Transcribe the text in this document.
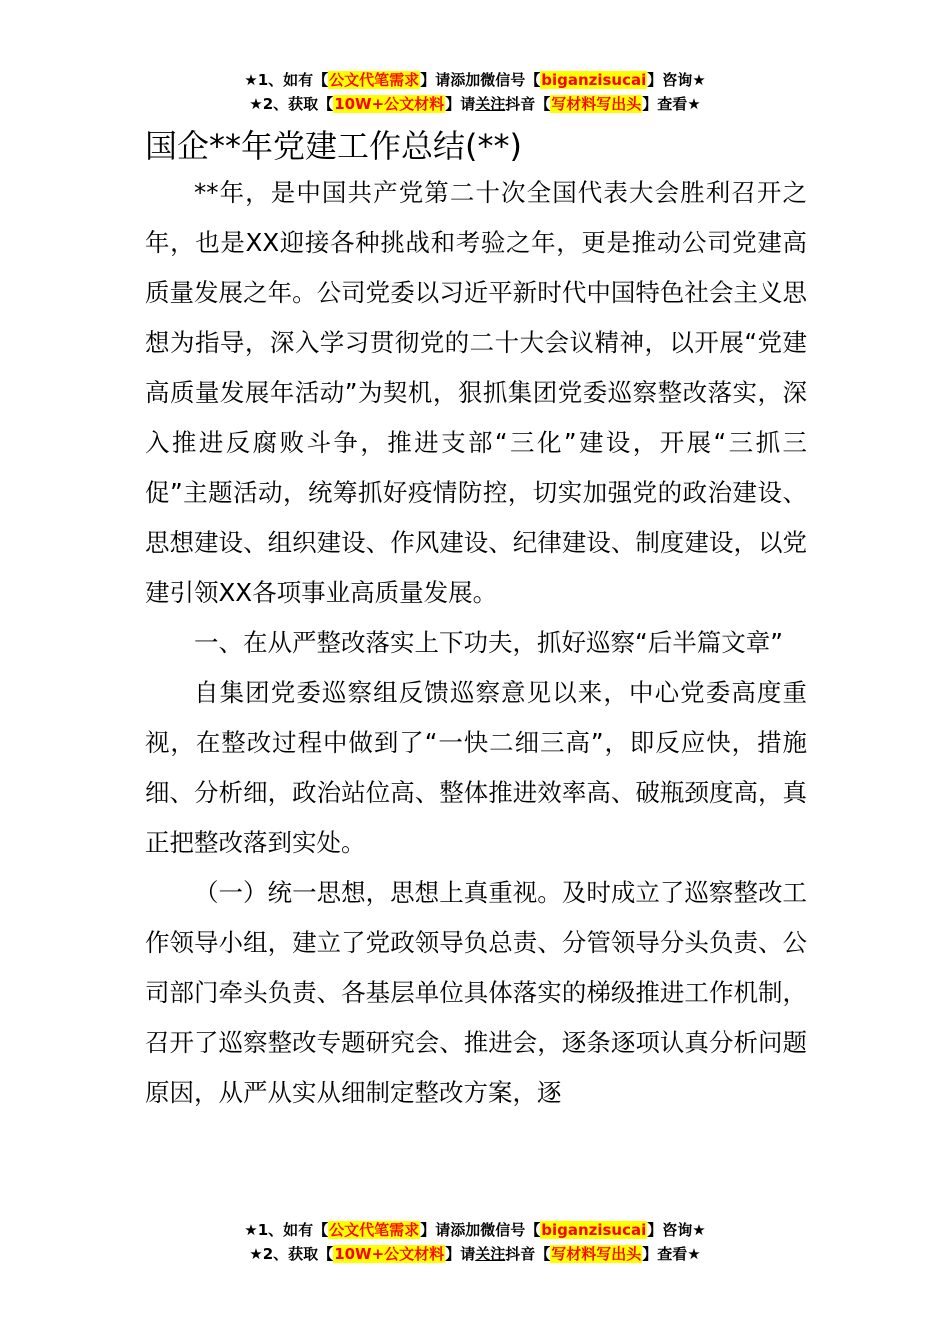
★1、如有【公文代笔需求】请添加微信号【biganzisucai】咨询★
★2、获取【10W+公文材料】请关注抖音【写材料写出头】查看★
国企**年党建工作总结(**)

**年，是中国共产党第二十次全国代表大会胜利召开之年，也是XX迎接各种挑战和考验之年，更是推动公司党建高质量发展之年。公司党委以习近平新时代中国特色社会主义思想为指导，深入学习贯彻党的二十大会议精神，以开展“党建高质量发展年活动”为契机，狠抓集团党委巡察整改落实，深入推进反腐败斗争，推进支部“三化”建设，开展“三抓三促”主题活动，统筹抓好疫情防控，切实加强党的政治建设、思想建设、组织建设、作风建设、纪律建设、制度建设，以党建引领XX各项事业高质量发展。

一、在从严整改落实上下功夫，抓好巡察“后半篇文章”

自集团党委巡察组反馈巡察意见以来，中心党委高度重视，在整改过程中做到了“一快二细三高”，即反应快，措施细、分析细，政治站位高、整体推进效率高、破瓶颈度高，真正把整改落到实处。

（一）统一思想，思想上真重视。及时成立了巡察整改工作领导小组，建立了党政领导负总责、分管领导分头负责、公司部门牵头负责、各基层单位具体落实的梯级推进工作机制，召开了巡察整改专题研究会、推进会，逐条逐项认真分析问题原因，从严从实从细制定整改方案，逐

★1、如有【公文代笔需求】请添加微信号【biganzisucai】咨询★
★2、获取【10W+公文材料】请关注抖音【写材料写出头】查看★
